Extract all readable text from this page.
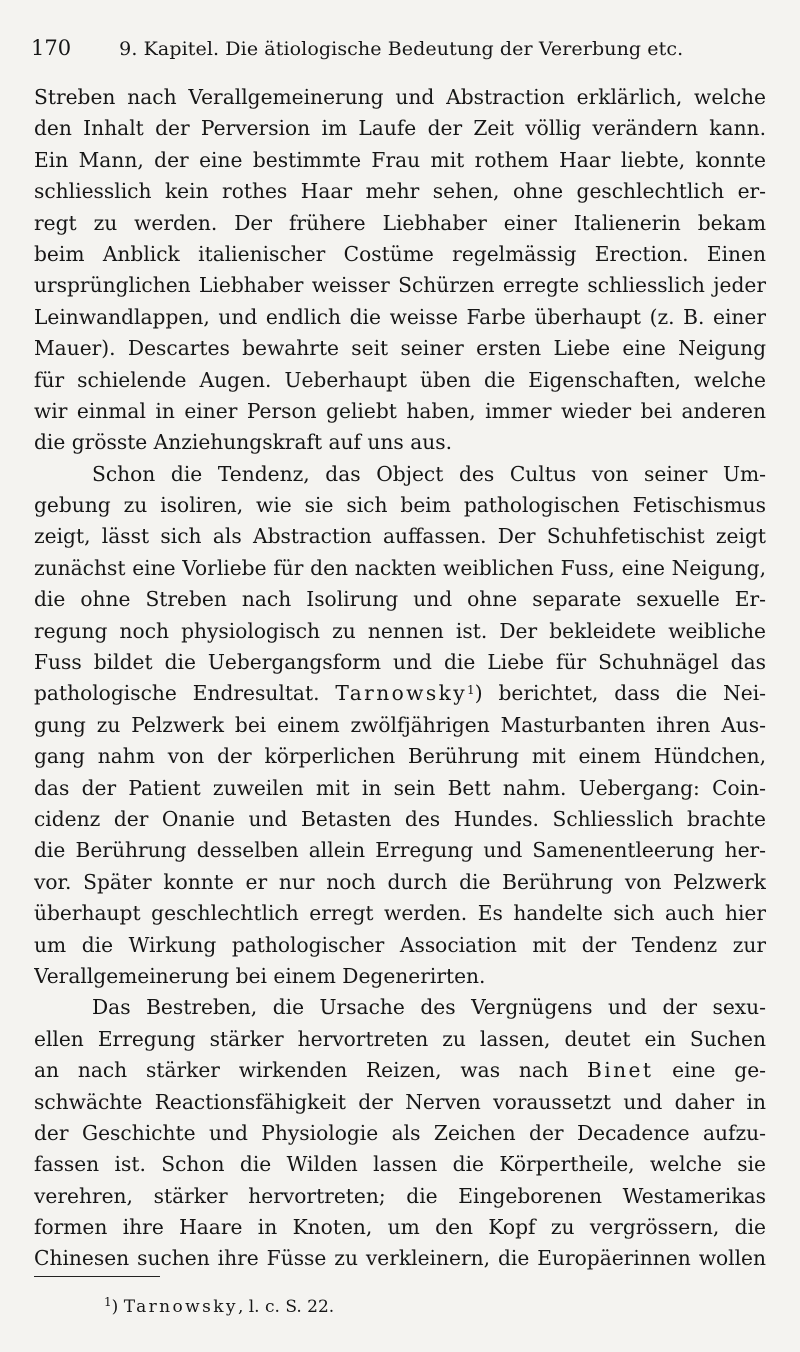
170	9. Kapitel. Die ätiologische Bedeutung der Vererbung etc.
Streben nach Verallgemeinerung und Abstraction erklärlich, welche
den Inhalt der Perversion im Laufe der Zeit völlig verändern kann.
Ein Mann, der eine bestimmte Frau mit rothem Haar liebte, konnte
schliesslich kein rothes Haar mehr sehen, ohne geschlechtlich er-
regt zu werden. Der frühere Liebhaber einer Italienerin bekam
beim Anblick italienischer Costüme regelmässig Erection. Einen
ursprünglichen Liebhaber weisser Schürzen erregte schliesslich jeder
Leinwandlappen, und endlich die weisse Farbe überhaupt (z. B. einer
Mauer). Descartes bewahrte seit seiner ersten Liebe eine Neigung
für schielende Augen. Ueberhaupt üben die Eigenschaften, welche
wir einmal in einer Person geliebt haben, immer wieder bei anderen
die grösste Anziehungskraft auf uns aus.
Schon die Tendenz, das Object des Cultus von seiner Um-
gebung zu isoliren, wie sie sich beim pathologischen Fetischismus
zeigt, lässt sich als Abstraction auffassen. Der Schuhfetischist zeigt
zunächst eine Vorliebe für den nackten weiblichen Fuss, eine Neigung,
die ohne Streben nach Isolirung und ohne separate sexuelle Er-
regung noch physiologisch zu nennen ist. Der bekleidete weibliche
Fuss bildet die Uebergangsform und die Liebe für Schuhnägel das
pathologische Endresultat. Tarnowsky$^1$) berichtet, dass die Nei-
gung zu Pelzwerk bei einem zwölfjährigen Masturbanten ihren Aus-
gang nahm von der körperlichen Berührung mit einem Hündchen,
das der Patient zuweilen mit in sein Bett nahm. Uebergang: Coin-
cidenz der Onanie und Betasten des Hundes. Schliesslich brachte
die Berührung desselben allein Erregung und Samenentleerung her-
vor. Später konnte er nur noch durch die Berührung von Pelzwerk
überhaupt geschlechtlich erregt werden. Es handelte sich auch hier
um die Wirkung pathologischer Association mit der Tendenz zur
Verallgemeinerung bei einem Degenerirten.
Das Bestreben, die Ursache des Vergnügens und der sexu-
ellen Erregung stärker hervortreten zu lassen, deutet ein Suchen
an nach stärker wirkenden Reizen, was nach Binet eine ge-
schwächte Reactionsfähigkeit der Nerven voraussetzt und daher in
der Geschichte und Physiologie als Zeichen der Decadence aufzu-
fassen ist. Schon die Wilden lassen die Körpertheile, welche sie
verehren, stärker hervortreten; die Eingeborenen Westamerikas
formen ihre Haare in Knoten, um den Kopf zu vergrössern, die
Chinesen suchen ihre Füsse zu verkleinern, die Europäerinnen wollen
$^1$) Tarnowsky, l. c. S. 22.
